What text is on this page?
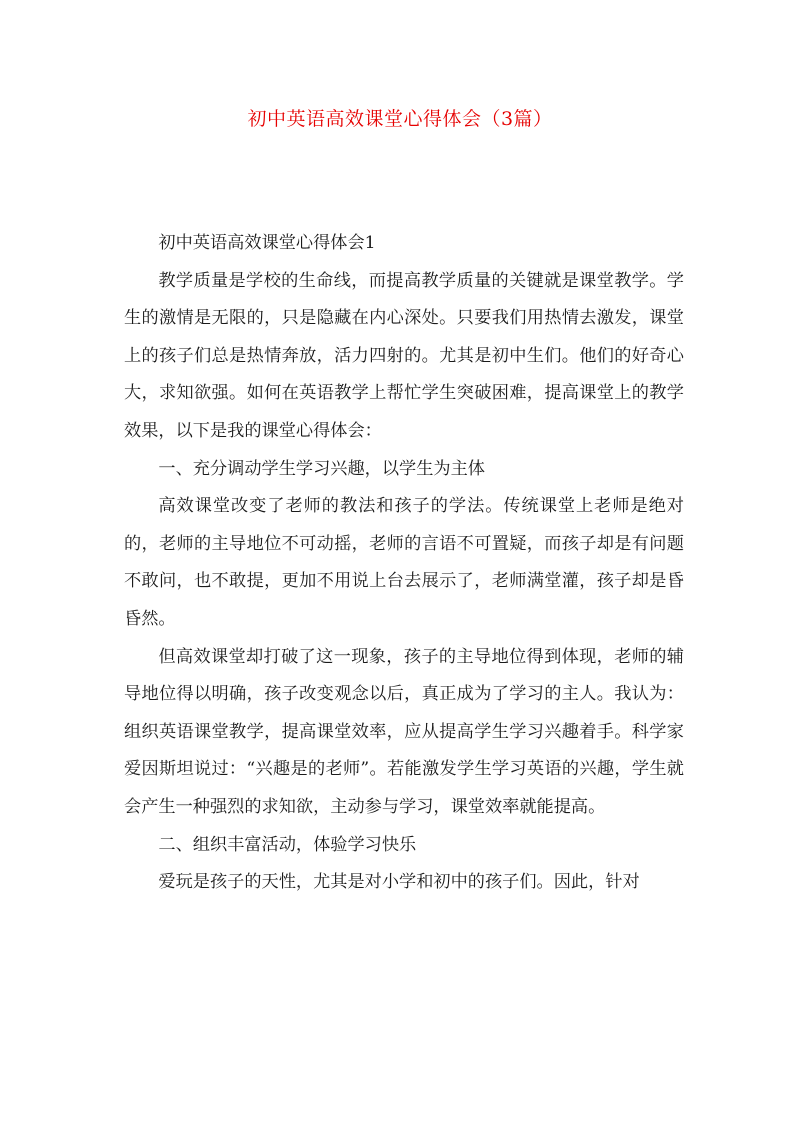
初中英语高效课堂心得体会（3篇）

初中英语高效课堂心得体会1

教学质量是学校的生命线，而提高教学质量的关键就是课堂教学。学生的激情是无限的，只是隐藏在内心深处。只要我们用热情去激发，课堂上的孩子们总是热情奔放，活力四射的。尤其是初中生们。他们的好奇心大，求知欲强。如何在英语教学上帮忙学生突破困难，提高课堂上的教学效果，以下是我的课堂心得体会：

一、充分调动学生学习兴趣，以学生为主体

高效课堂改变了老师的教法和孩子的学法。传统课堂上老师是绝对的，老师的主导地位不可动摇，老师的言语不可置疑，而孩子却是有问题不敢问，也不敢提，更加不用说上台去展示了，老师满堂灌，孩子却是昏昏然。

但高效课堂却打破了这一现象，孩子的主导地位得到体现，老师的辅导地位得以明确，孩子改变观念以后，真正成为了学习的主人。我认为：组织英语课堂教学，提高课堂效率，应从提高学生学习兴趣着手。科学家爱因斯坦说过：“兴趣是的老师”。若能激发学生学习英语的兴趣，学生就会产生一种强烈的求知欲，主动参与学习，课堂效率就能提高。

二、组织丰富活动，体验学习快乐

爱玩是孩子的天性，尤其是对小学和初中的孩子们。因此，针对
